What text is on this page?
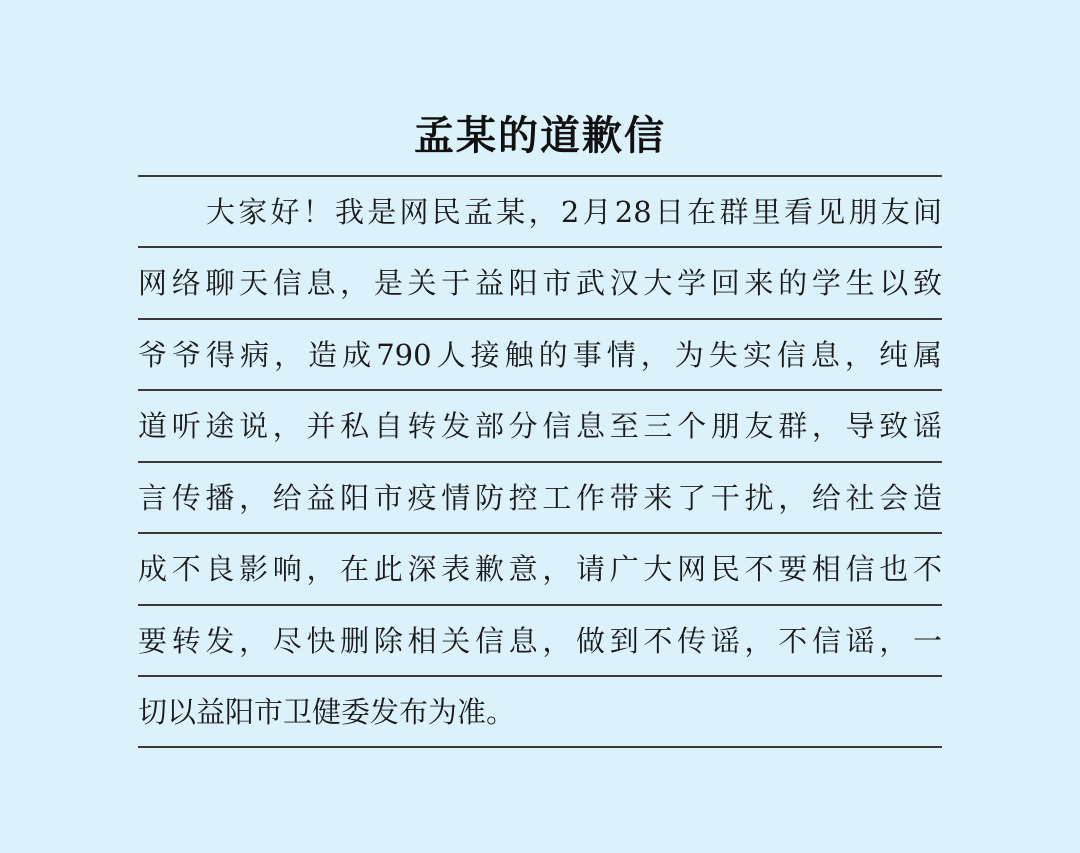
孟某的道歉信
大家好！我是网民孟某，2月28日在群里看见朋友间
网络聊天信息，是关于益阳市武汉大学回来的学生以致
爷爷得病，造成790人接触的事情，为失实信息，纯属
道听途说，并私自转发部分信息至三个朋友群，导致谣
言传播，给益阳市疫情防控工作带来了干扰，给社会造
成不良影响，在此深表歉意，请广大网民不要相信也不
要转发，尽快删除相关信息，做到不传谣，不信谣，一
切以益阳市卫健委发布为准。
